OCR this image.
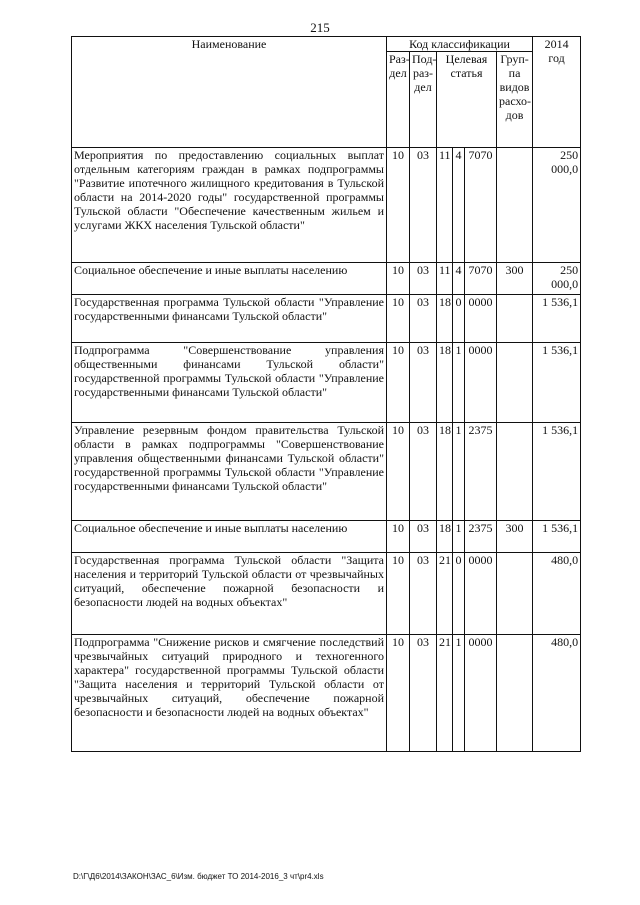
215
Наименование	Код классификации						2014 год
	Раз-дел	Под-раз-дел	Целевая статья			Груп-па видов расхо-дов	
Мероприятия по предоставлению социальных выплат отдельным категориям граждан в рамках подпрограммы "Развитие ипотечного жилищного кредитования в Тульской области на 2014-2020 годы" государственной программы Тульской области "Обеспечение качественным жильем и услугами ЖКХ населения Тульской области"	10	03	11	4	7070		250 000,0
Социальное обеспечение и иные выплаты населению	10	03	11	4	7070	300	250 000,0
Государственная программа Тульской области "Управление государственными финансами Тульской области"	10	03	18	0	0000		1 536,1
Подпрограмма "Совершенствование управления общественными финансами Тульской области" государственной программы Тульской области "Управление государственными финансами Тульской области"	10	03	18	1	0000		1 536,1
Управление резервным фондом правительства Тульской области в рамках подпрограммы "Совершенствование управления общественными финансами Тульской области" государственной программы Тульской области "Управление государственными финансами Тульской области"	10	03	18	1	2375		1 536,1
Социальное обеспечение и иные выплаты населению	10	03	18	1	2375	300	1 536,1
Государственная программа Тульской области "Защита населения и территорий Тульской области от чрезвычайных ситуаций, обеспечение пожарной безопасности и безопасности людей на водных объектах"	10	03	21	0	0000		480,0
Подпрограмма "Снижение рисков и смягчение последствий чрезвычайных ситуаций природного и техногенного характера" государственной программы Тульской области "Защита населения и территорий Тульской области от чрезвычайных ситуаций, обеспечение пожарной безопасности и безопасности людей на водных объектах"	10	03	21	1	0000		480,0
D:\Г\Д6\2014\ЗАКОН\ЗАС_6\Изм. бюджет ТО 2014-2016_3 чт\рr4.xls
